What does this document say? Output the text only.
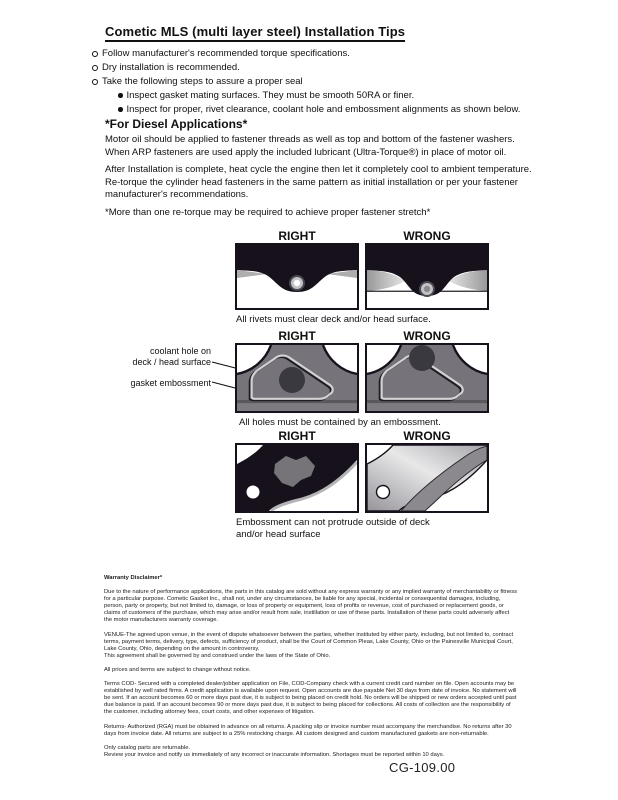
Cometic MLS (multi layer steel) Installation Tips
Follow manufacturer's recommended torque specifications.
Dry installation is recommended.
Take the following steps to assure a proper seal
Inspect gasket mating surfaces. They must be smooth 50RA or finer.
Inspect for proper, rivet clearance, coolant hole and embossment alignments as shown below.
*For Diesel Applications*
Motor oil should be applied to fastener threads as well as top and bottom of the fastener washers. When ARP fasteners are used apply the included lubricant (Ultra-Torque®) in place of motor oil.
After Installation is complete, heat cycle the engine then let it completely cool to ambient temperature. Re-torque the cylinder head fasteners in the same pattern as initial installation or per your fastener manufacturer's recommendations.
*More than one re-torque may be required to achieve proper fastener stretch*
RIGHT	WRONG
All rivets must clear deck and/or head surface.
coolant hole on
deck / head surface
gasket embossment
RIGHT	WRONG
All holes must be contained by an embossment.
RIGHT	WRONG
Embossment can not protrude outside of deck
and/or head surface

Warranty Disclaimer*

Due to the nature of performance applications, the parts in this catalog are sold without any express warranty or any implied warranty of merchantability or fitness for a particular purpose. Cometic Gasket Inc., shall not, under any circumstances, be liable for any special, incidental or consequential damages, including, person, party or property, but not limited to, damage, or loss of property or equipment, loss of profits or revenue, cost of purchased or replacement goods, or claims of customers of the purchase, which may arise and/or result from sale, instillation or use of these parts. Installation of these parts could adversely affect the motor manufacturers warranty coverage.

VENUE-The agreed upon venue, in the event of dispute whatsoever between the parties, whether instituted by either party, including, but not limited to, contract terms, payment terms, delivery, type, defects, sufficiency of product, shall be the Court of Common Pleas, Lake County, Ohio or the Painesville Municipal Court, Lake County, Ohio, depending on the amount in controversy.

This agreement shall be governed by and construed under the laws of the State of Ohio.

All prices and terms are subject to change without notice.

Terms COD- Secured with a completed dealer/jobber application on File, COD-Company check with a current credit card number on file. Open accounts may be established by well rated firms. A credit application is available upon request. Open accounts are due payable Net 30 days from date of invoice. No statement will be sent. If an account becomes 60 or more days past due, it is subject to being placed on credit hold. No orders will be shipped or new orders accepted until past due balance is paid. If an account becomes 90 or more days past due, it is subject to being placed for collections. All costs of collection are the responsibility of the customer, including attorney fees, court costs, and other expenses of litigation.

Returns- Authorized (RGA) must be obtained in advance on all returns. A packing slip or invoice number must accompany the merchandise. No returns after 30 days from invoice date. All returns are subject to a 25% restocking charge. All custom designed and custom manufactured gaskets are non-returnable.

Only catalog parts are returnable.

Review your invoice and notify us immediately of any incorrect or inaccurate information. Shortages must be reported within 10 days.

CG-109.00
